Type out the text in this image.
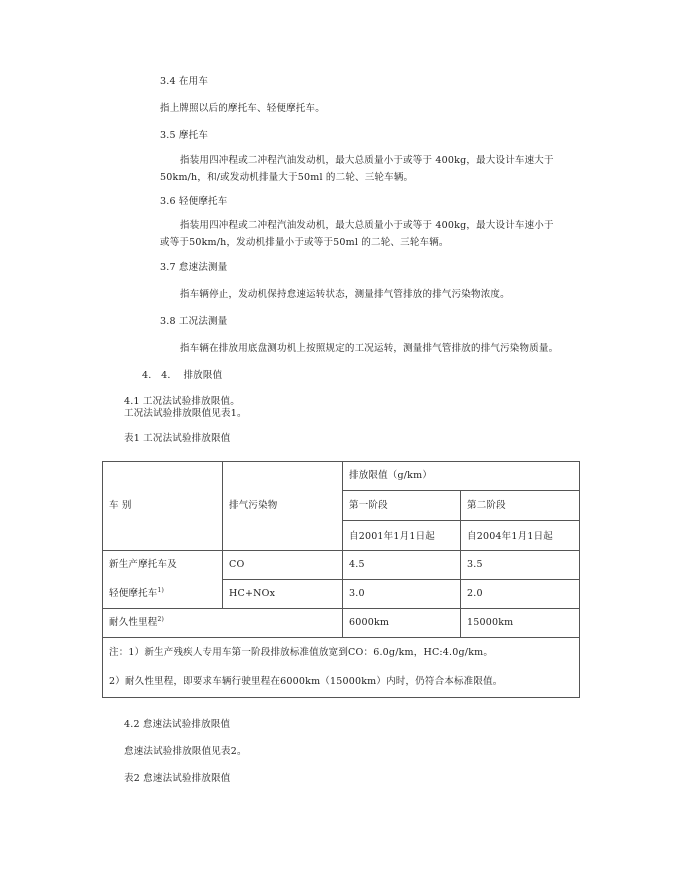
3.4 在用车
指上牌照以后的摩托车、轻便摩托车。
3.5 摩托车
指装用四冲程或二冲程汽油发动机，最大总质量小于或等于 400kg，最大设计车速大于50km/h，和/或发动机排量大于50ml 的二轮、三轮车辆。
3.6 轻便摩托车
指装用四冲程或二冲程汽油发动机，最大总质量小于或等于 400kg，最大设计车速小于或等于50km/h，发动机排量小于或等于50ml 的二轮、三轮车辆。
3.7 怠速法测量
指车辆停止，发动机保持怠速运转状态，测量排气管排放的排气污染物浓度。
3.8 工况法测量
指车辆在排放用底盘测功机上按照规定的工况运转，测量排气管排放的排气污染物质量。
4.   4.    排放限值
4.1 工况法试验排放限值。
工况法试验排放限值见表1。
表1 工况法试验排放限值
车 别	排气污染物	排放限值（g/km）	
		第一阶段	第二阶段
		自2001年1月1日起	自2004年1月1日起
新生产摩托车及
轻便摩托车$^{1)}$	CO	4.5	3.5
	HC+NOx	3.0	2.0
耐久性里程$^{2)}$		6000km	15000km
注：1）新生产残疾人专用车第一阶段排放标准值放宽到CO：6.0g/km，HC:4.0g/km。
2）耐久性里程，即要求车辆行驶里程在6000km（15000km）内时，仍符合本标准限值。			
4.2 怠速法试验排放限值
怠速法试验排放限值见表2。
表2 怠速法试验排放限值
